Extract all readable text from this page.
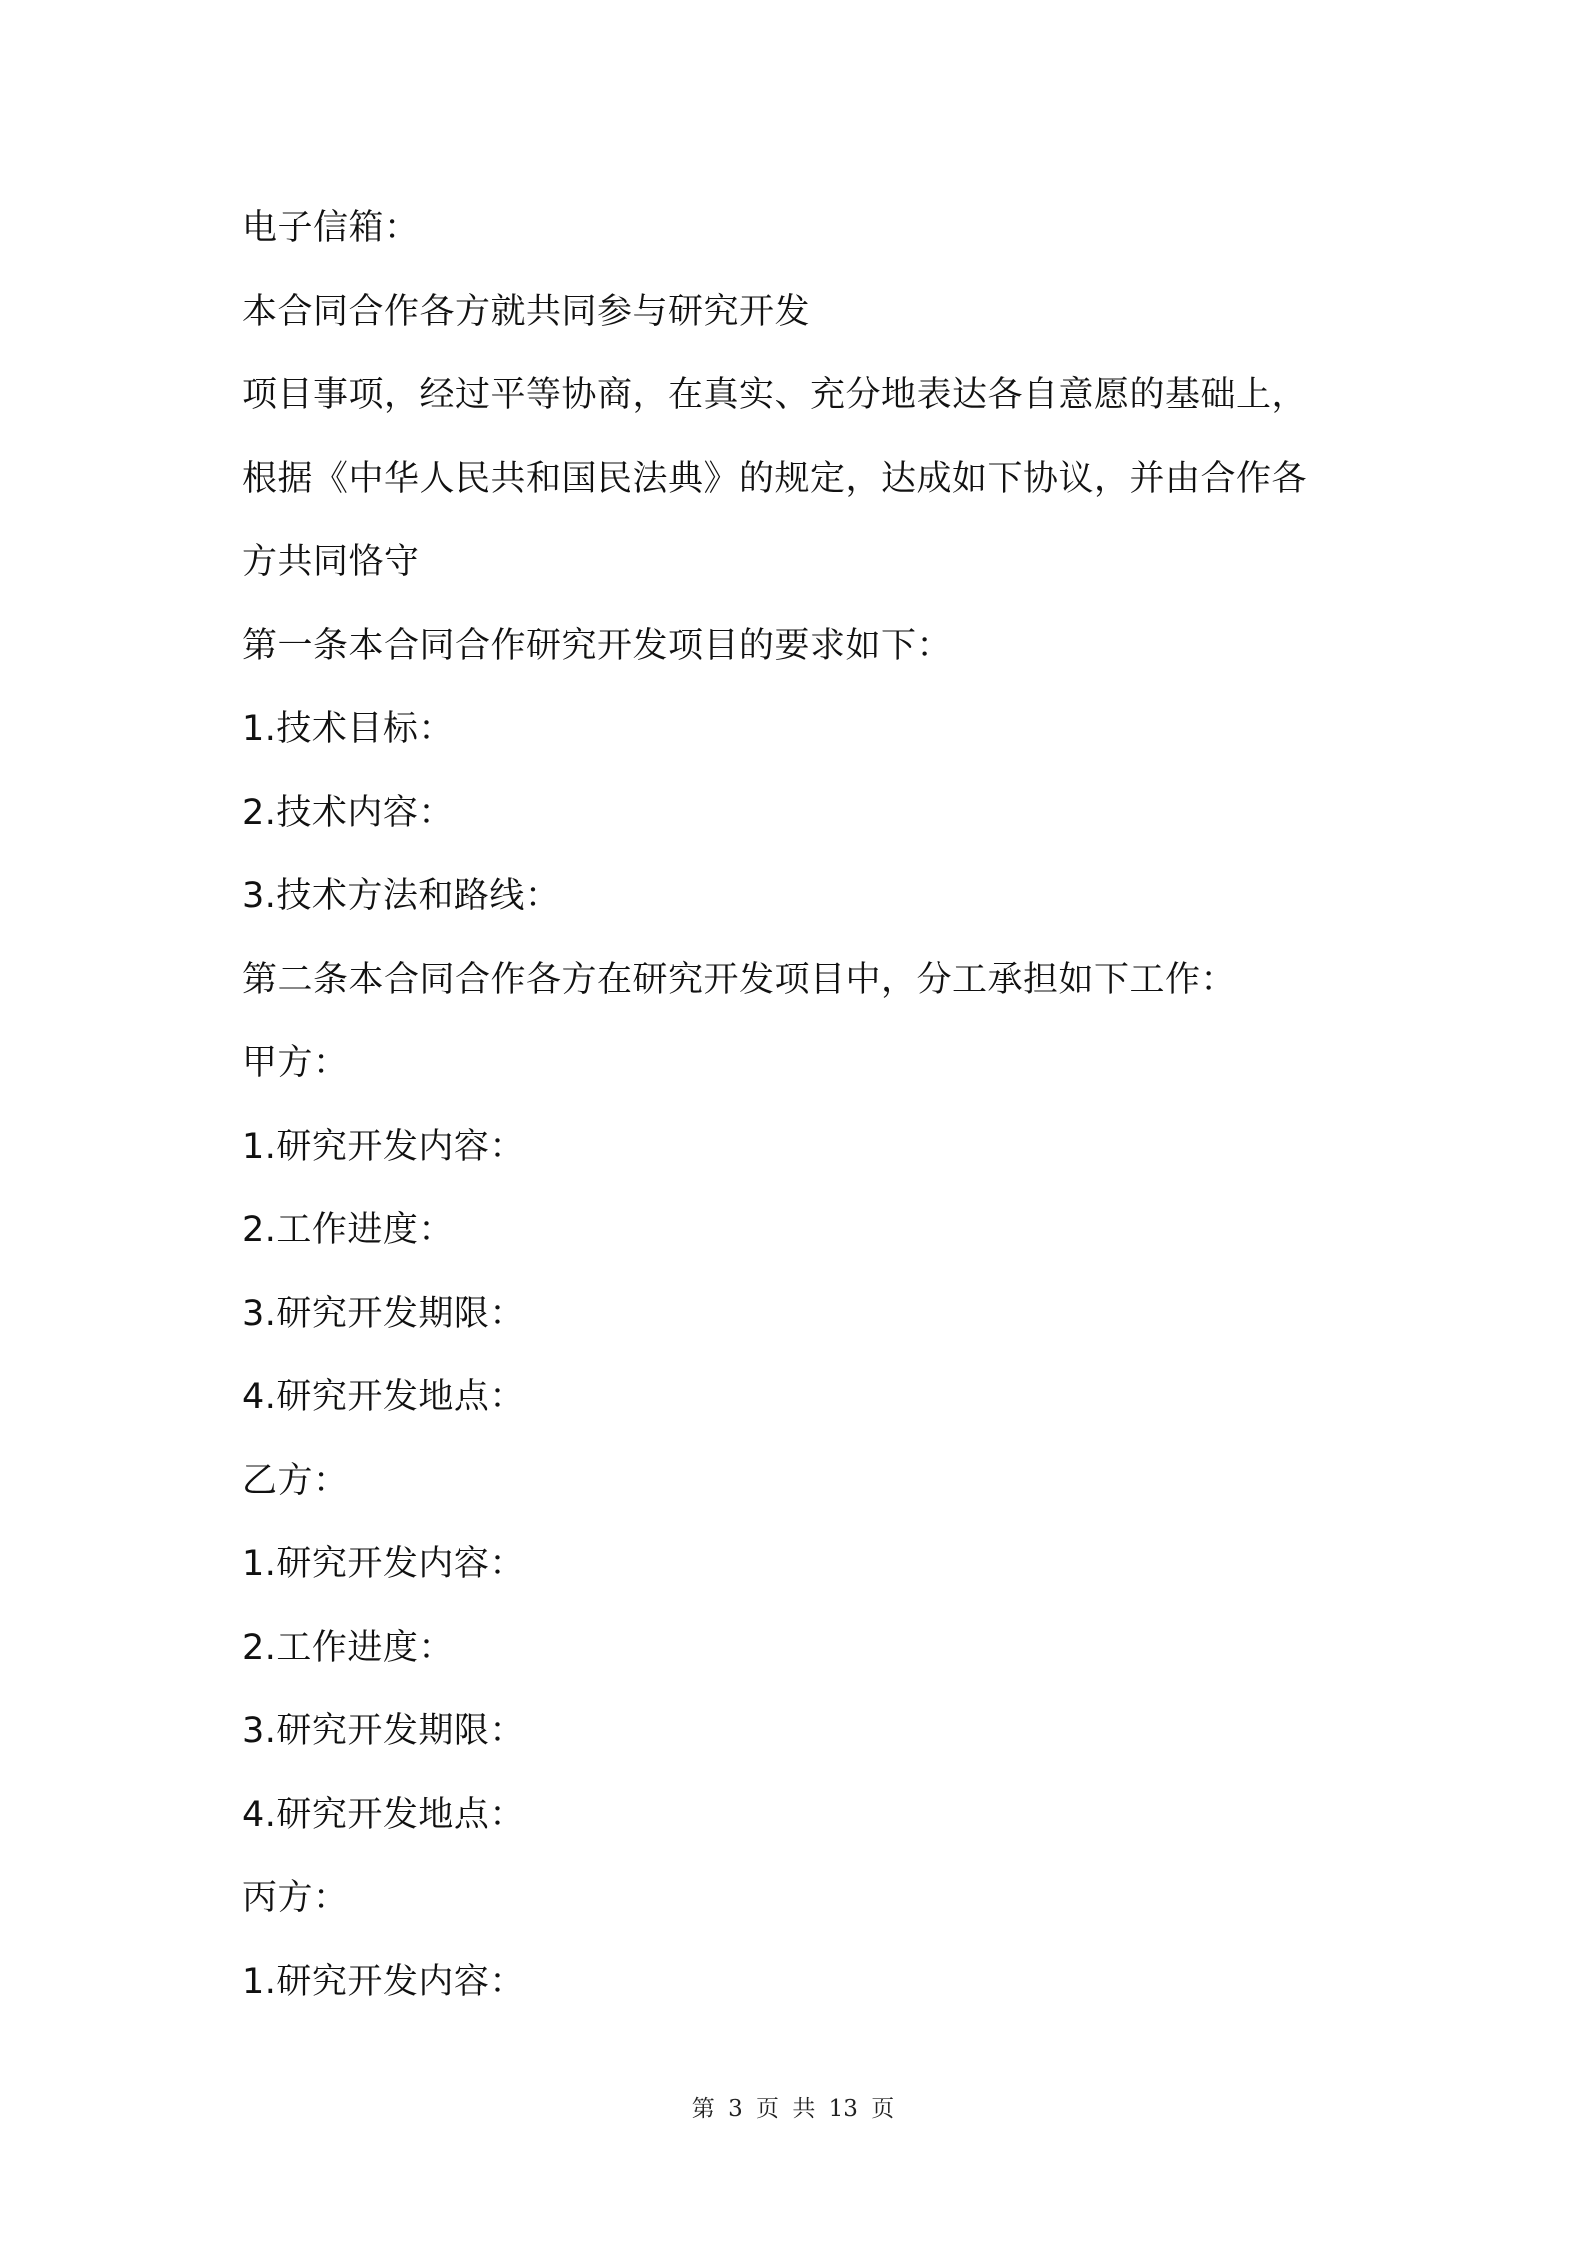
电子信箱：
本合同合作各方就共同参与研究开发
项目事项，经过平等协商，在真实、充分地表达各自意愿的基础上，
根据《中华人民共和国民法典》的规定，达成如下协议，并由合作各
方共同恪守
第一条本合同合作研究开发项目的要求如下：
1.技术目标：
2.技术内容：
3.技术方法和路线：
第二条本合同合作各方在研究开发项目中，分工承担如下工作：
甲方：
1.研究开发内容：
2.工作进度：
3.研究开发期限：
4.研究开发地点：
乙方：
1.研究开发内容：
2.工作进度：
3.研究开发期限：
4.研究开发地点：
丙方：
1.研究开发内容：
第 3 页 共 13 页
